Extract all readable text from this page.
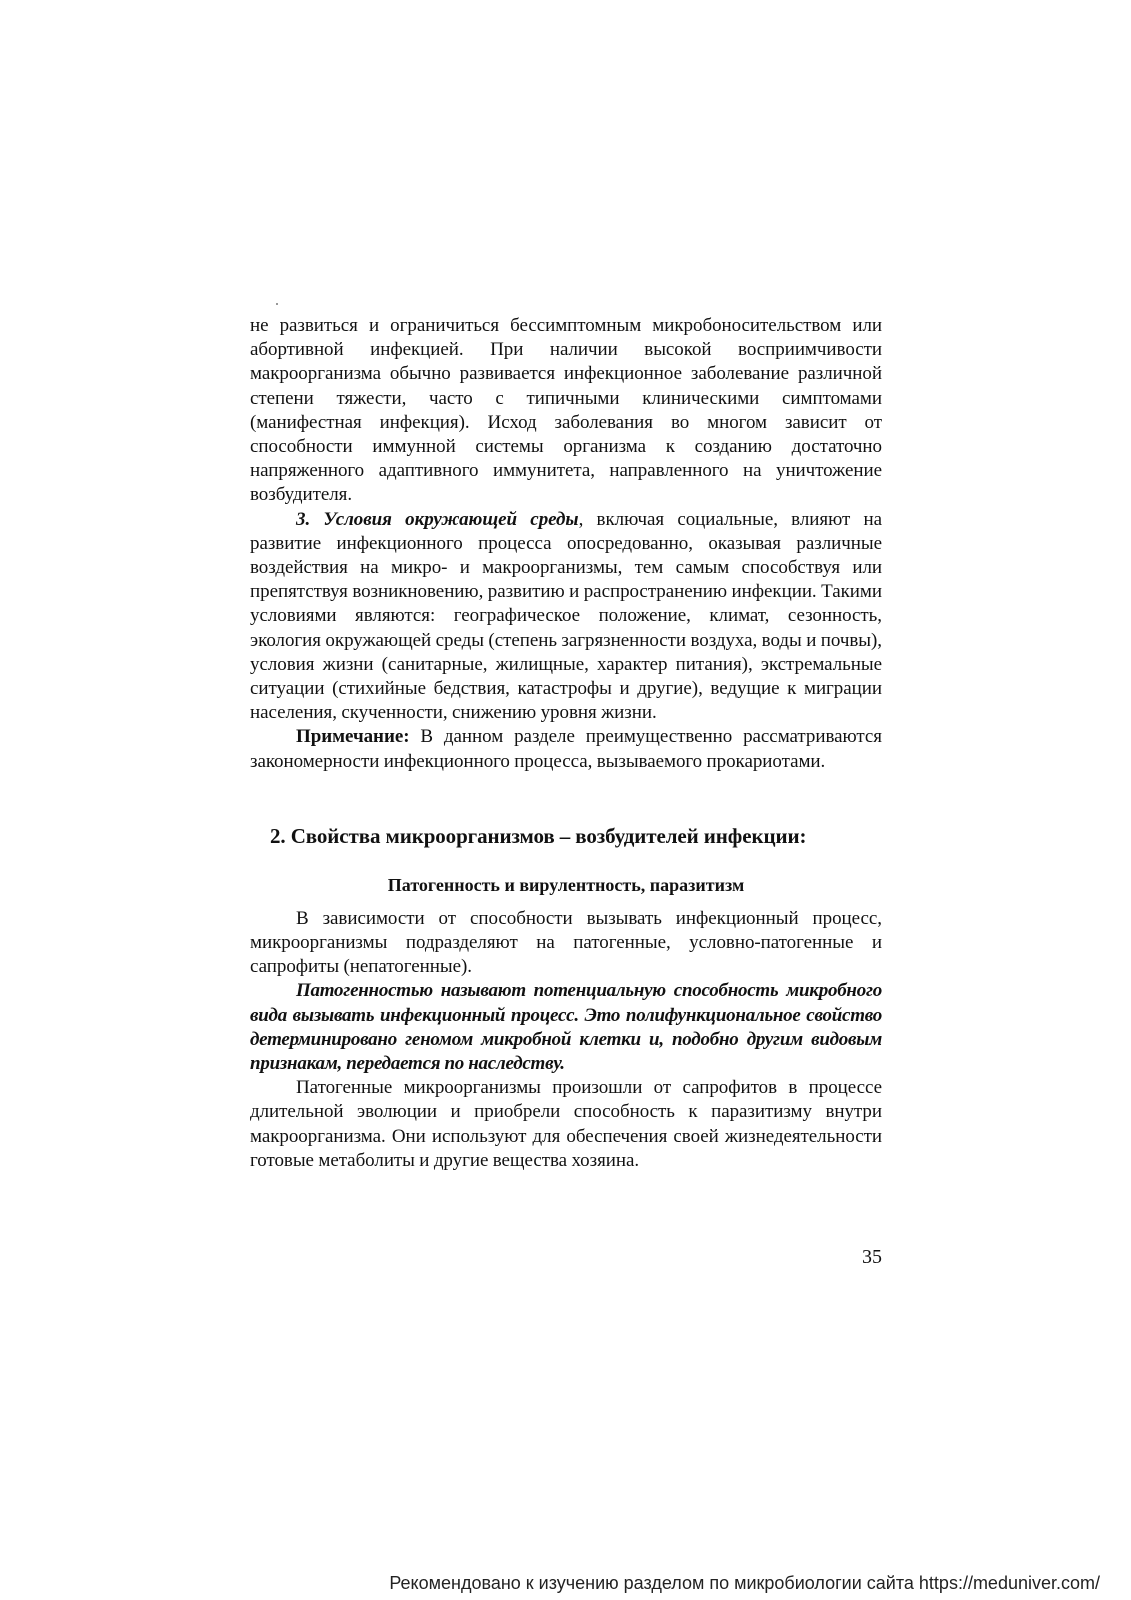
не развиться и ограничиться бессимптомным микробоносительством или абортивной инфекцией. При наличии высокой восприимчивости макроорганизма обычно развивается инфекционное заболевание различной степени тяжести, часто с типичными клиническими симптомами (манифестная инфекция). Исход заболевания во многом зависит от способности иммунной системы организма к созданию достаточно напряженного адаптивного иммунитета, направленного на уничтожение возбудителя.

3. Условия окружающей среды, включая социальные, влияют на развитие инфекционного процесса опосредованно, оказывая различные воздействия на микро- и макроорганизмы, тем самым способствуя или препятствуя возникновению, развитию и распространению инфекции. Такими условиями являются: географическое положение, климат, сезонность, экология окружающей среды (степень загрязненности воздуха, воды и почвы), условия жизни (санитарные, жилищные, характер питания), экстремальные ситуации (стихийные бедствия, катастрофы и другие), ведущие к миграции населения, скученности, снижению уровня жизни.

Примечание: В данном разделе преимущественно рассматриваются закономерности инфекционного процесса, вызываемого прокариотами.

2. Свойства микроорганизмов – возбудителей инфекции:
Патогенность и вирулентность, паразитизм

В зависимости от способности вызывать инфекционный процесс, микроорганизмы подразделяют на патогенные, условно-патогенные и сапрофиты (непатогенные).

Патогенностью называют потенциальную способность микробного вида вызывать инфекционный процесс. Это полифункциональное свойство детерминировано геномом микробной клетки и, подобно другим видовым признакам, передается по наследству.

Патогенные микроорганизмы произошли от сапрофитов в процессе длительной эволюции и приобрели способность к паразитизму внутри макроорганизма. Они используют для обеспечения своей жизнедеятельности готовые метаболиты и другие вещества хозяина.

35
Рекомендовано к изучению разделом по микробиологии сайта https://meduniver.com/
